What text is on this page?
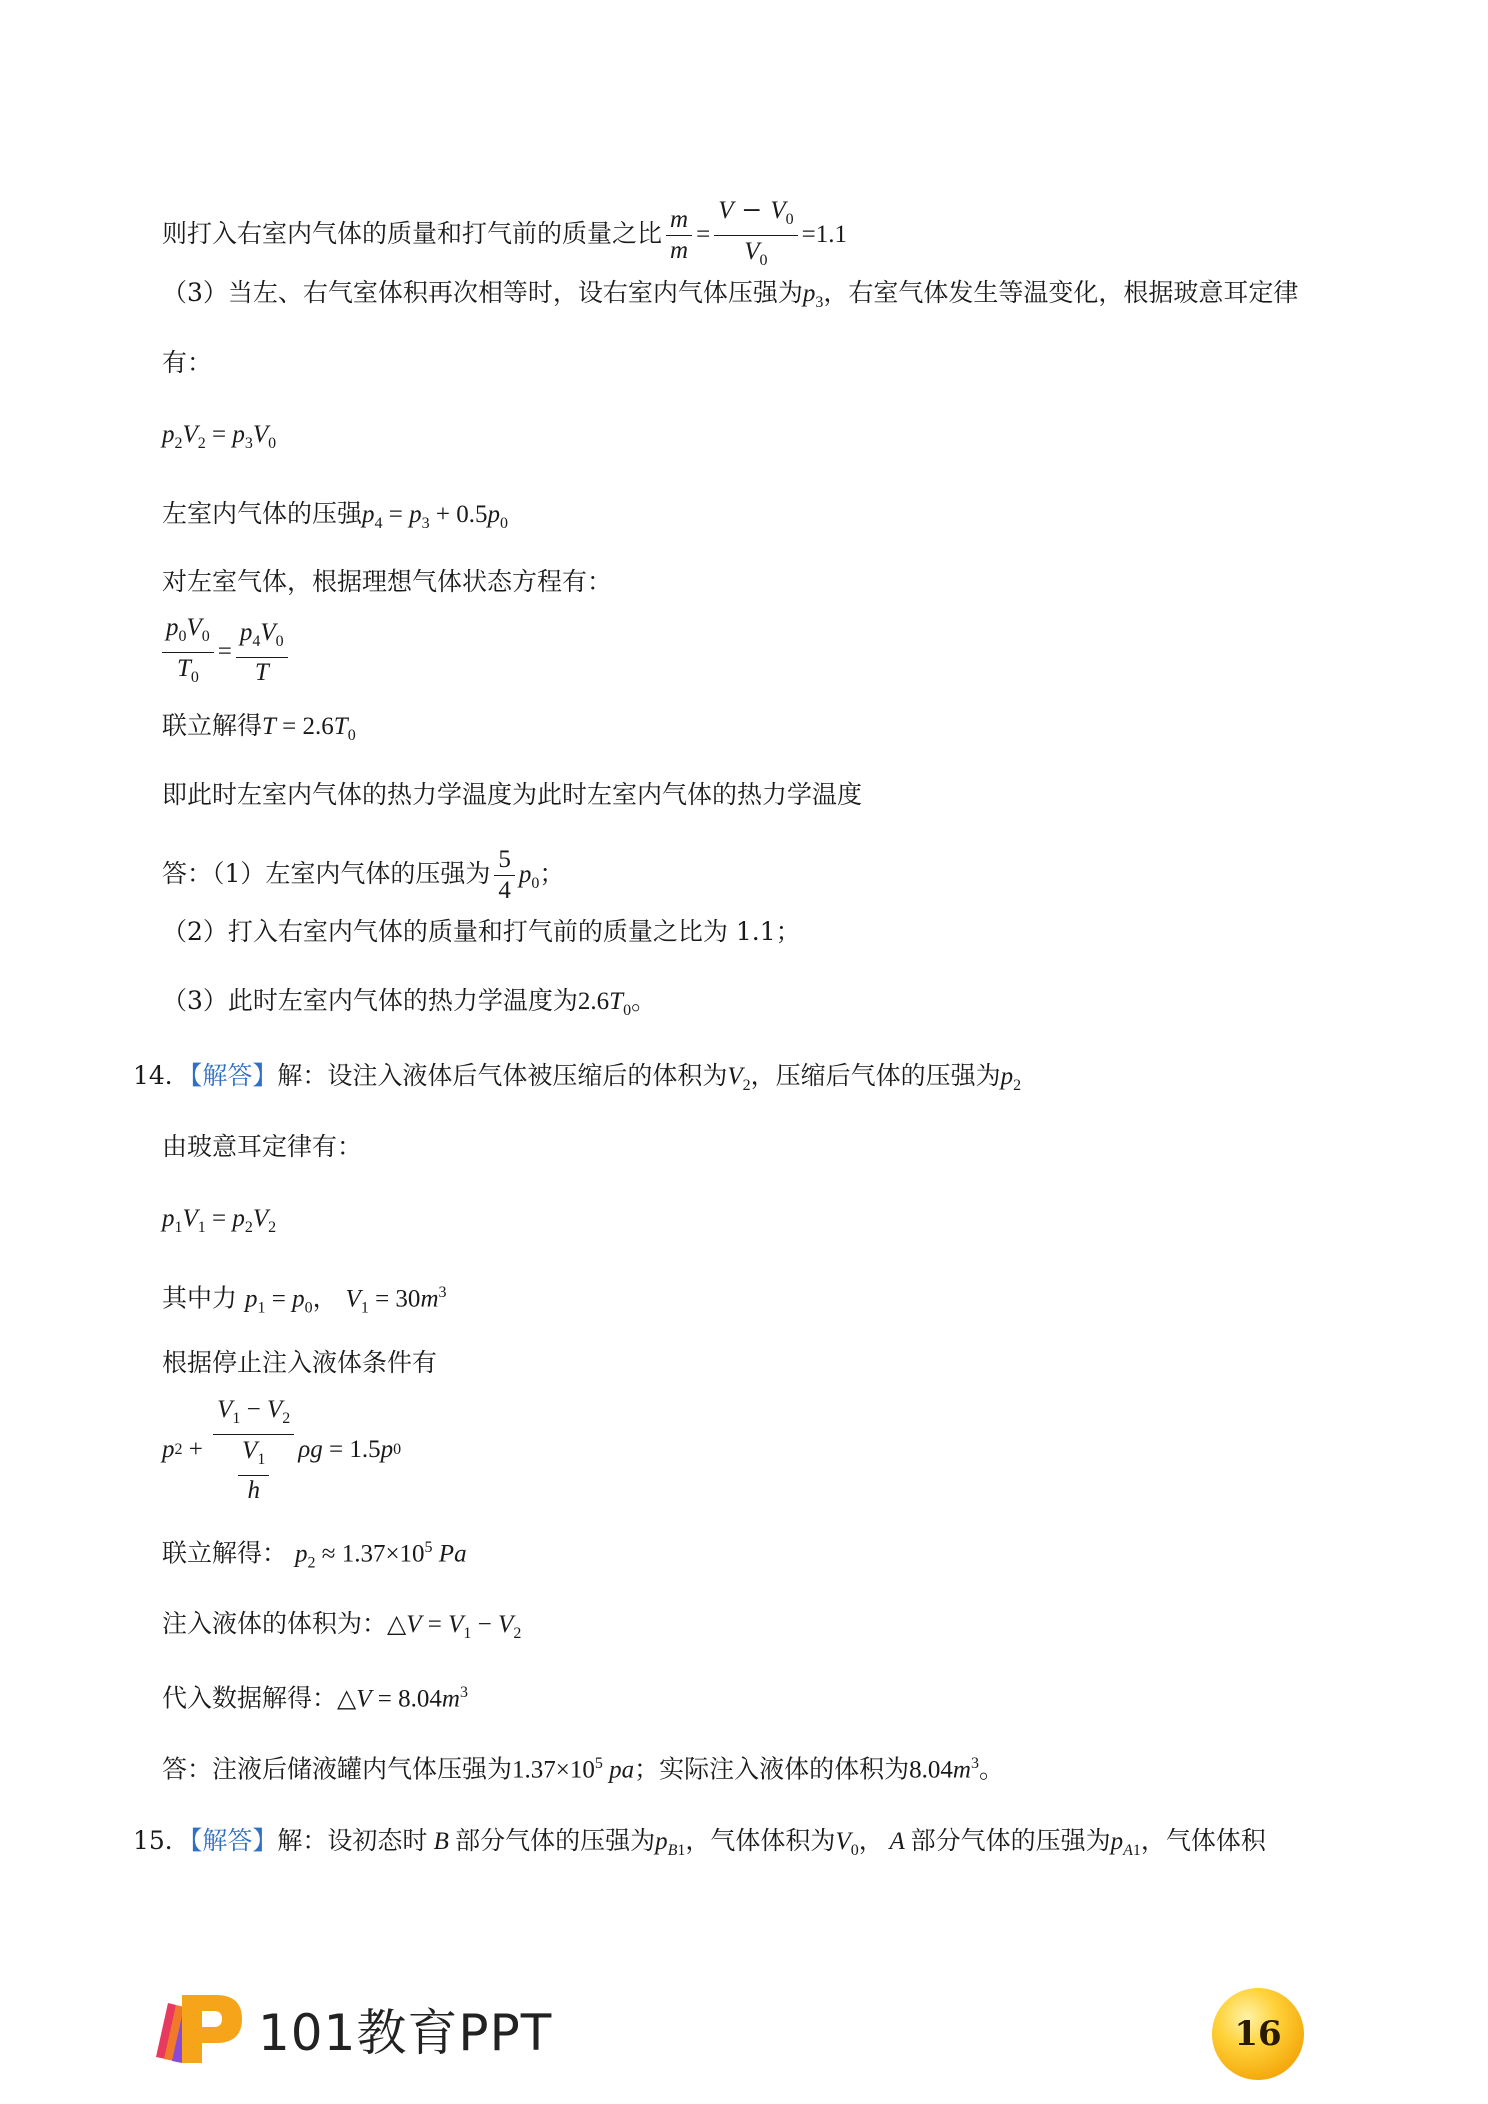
则打入右室内气体的质量和打气前的质量之比 $\frac{m}{m} = \frac{V - V_0}{V_0} =1.1$
（3）当左、右气室体积再次相等时，设右室内气体压强为$p_3$，右室气体发生等温变化，根据玻意耳定律
有：
$p_2V_2 = p_3V_0$
左室内气体的压强$p_4 = p_3 + 0.5p_0$
对左室气体，根据理想气体状态方程有：
$\frac{p_0V_0}{T_0} = \frac{p_4V_0}{T}$
联立解得$T = 2.6T_0$
即此时左室内气体的热力学温度为此时左室内气体的热力学温度
答：（1）左室内气体的压强为 $\frac{5}{4} p_0$；
（2）打入右室内气体的质量和打气前的质量之比为 1.1；
（3）此时左室内气体的热力学温度为$2.6T_0$。
14．【解答】解：设注入液体后气体被压缩后的体积为$V_2$，压缩后气体的压强为$p_2$
由玻意耳定律有：
$p_1V_1 = p_2V_2$
其中力 $p_1 = p_0$， $V_1 = 30m^3$
根据停止注入液体条件有
$p2 + \frac{V_1 - V_2}{\frac{V_1}{h}}$ ρg = 1.5p0
联立解得： $p_2 \approx 1.37\times 10^5$ Pa
注入液体的体积为：△V = $V_1 - V_2$
代入数据解得：△V = $8.04m^3$
答：注液后储液罐内气体压强为$1.37\times 10^5$ pa；实际注入液体的体积为$8.04m^3$。
15．【解答】解：设初态时 B 部分气体的压强为$p_{B1}$，气体体积为$V_0$， A 部分气体的压强为$p_{A1}$，气体体积
101教育PPT	16
